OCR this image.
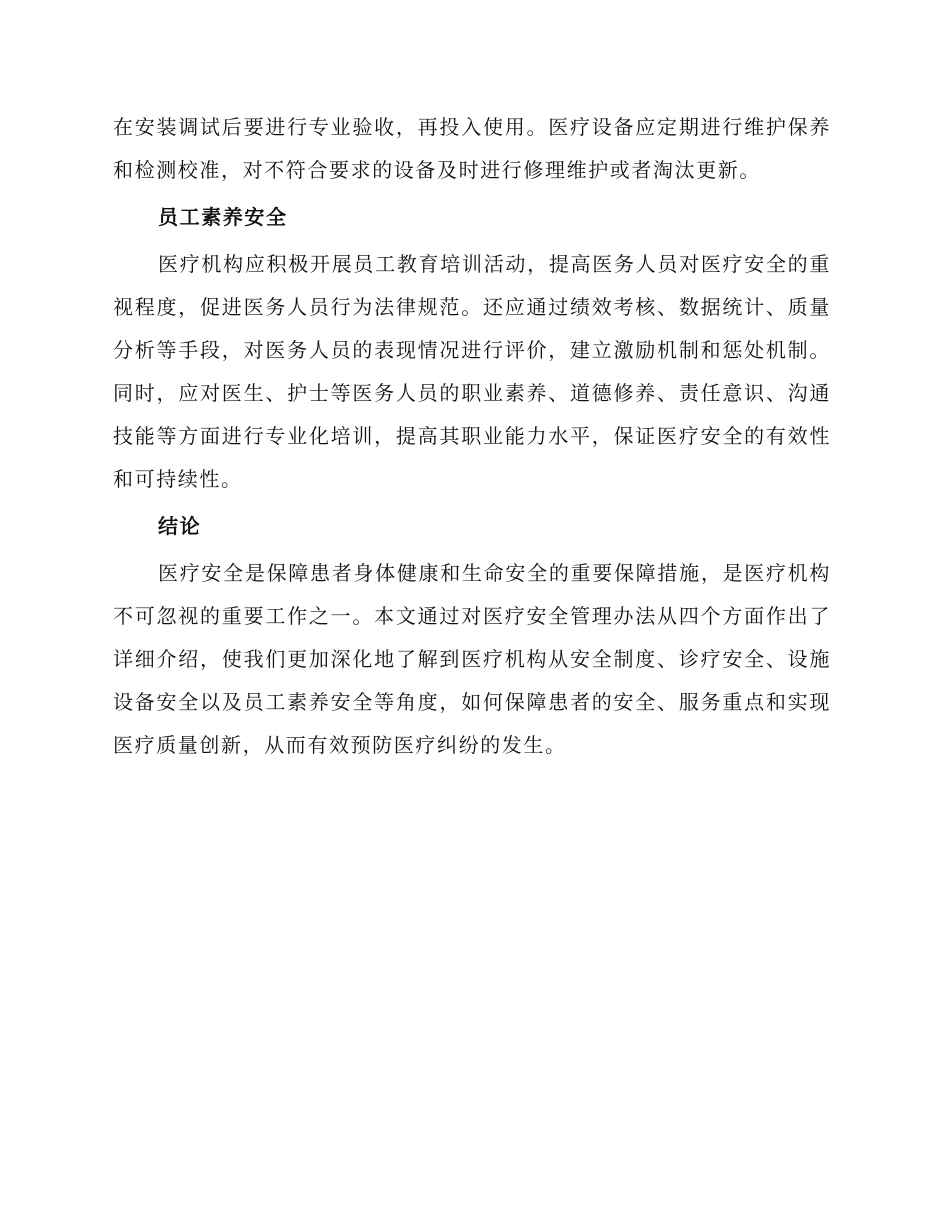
在安装调试后要进行专业验收，再投入使用。医疗设备应定期进行维护保养和检测校准，对不符合要求的设备及时进行修理维护或者淘汰更新。

员工素养安全

医疗机构应积极开展员工教育培训活动，提高医务人员对医疗安全的重视程度，促进医务人员行为法律规范。还应通过绩效考核、数据统计、质量分析等手段，对医务人员的表现情况进行评价，建立激励机制和惩处机制。同时，应对医生、护士等医务人员的职业素养、道德修养、责任意识、沟通技能等方面进行专业化培训，提高其职业能力水平，保证医疗安全的有效性和可持续性。

结论

医疗安全是保障患者身体健康和生命安全的重要保障措施，是医疗机构不可忽视的重要工作之一。本文通过对医疗安全管理办法从四个方面作出了详细介绍，使我们更加深化地了解到医疗机构从安全制度、诊疗安全、设施设备安全以及员工素养安全等角度，如何保障患者的安全、服务重点和实现医疗质量创新，从而有效预防医疗纠纷的发生。
